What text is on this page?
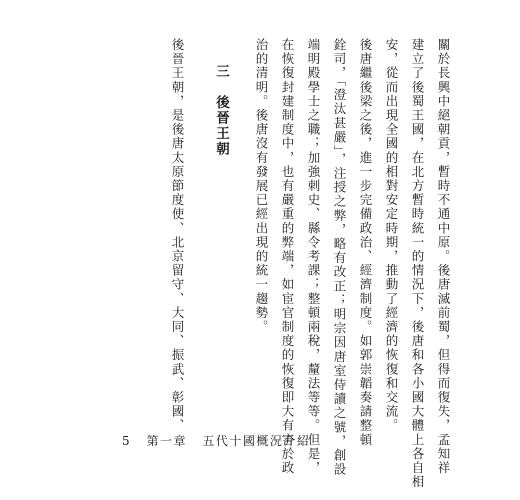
關於長興中絕朝貢，暫時不通中原。後唐滅前蜀，但得而復失，孟知祥
建立了後蜀王國，在北方暫時統一的情況下，後唐和各小國大體上各自相
安，從而出現全國的相對安定時期，推動了經濟的恢復和交流。
後唐繼後梁之後，進一步完備政治、經濟制度。如郭崇韜奏請整頓
銓司，「澄汰甚嚴」，注授之弊，略有改正；明宗因唐室侍讀之號，創設
端明殿學士之職；加強刺史、縣令考課；整頓兩稅，釐法等等。但是，
在恢復封建制度中，也有嚴重的弊端，如宦官制度的恢復即大有害於政
治的清明。後唐沒有發展已經出現的統一趨勢。
三　後晉王朝
後晉王朝，是後唐太原節度使、北京留守、大同、振武、彰國、
5 第一章 五代十國概況介紹
